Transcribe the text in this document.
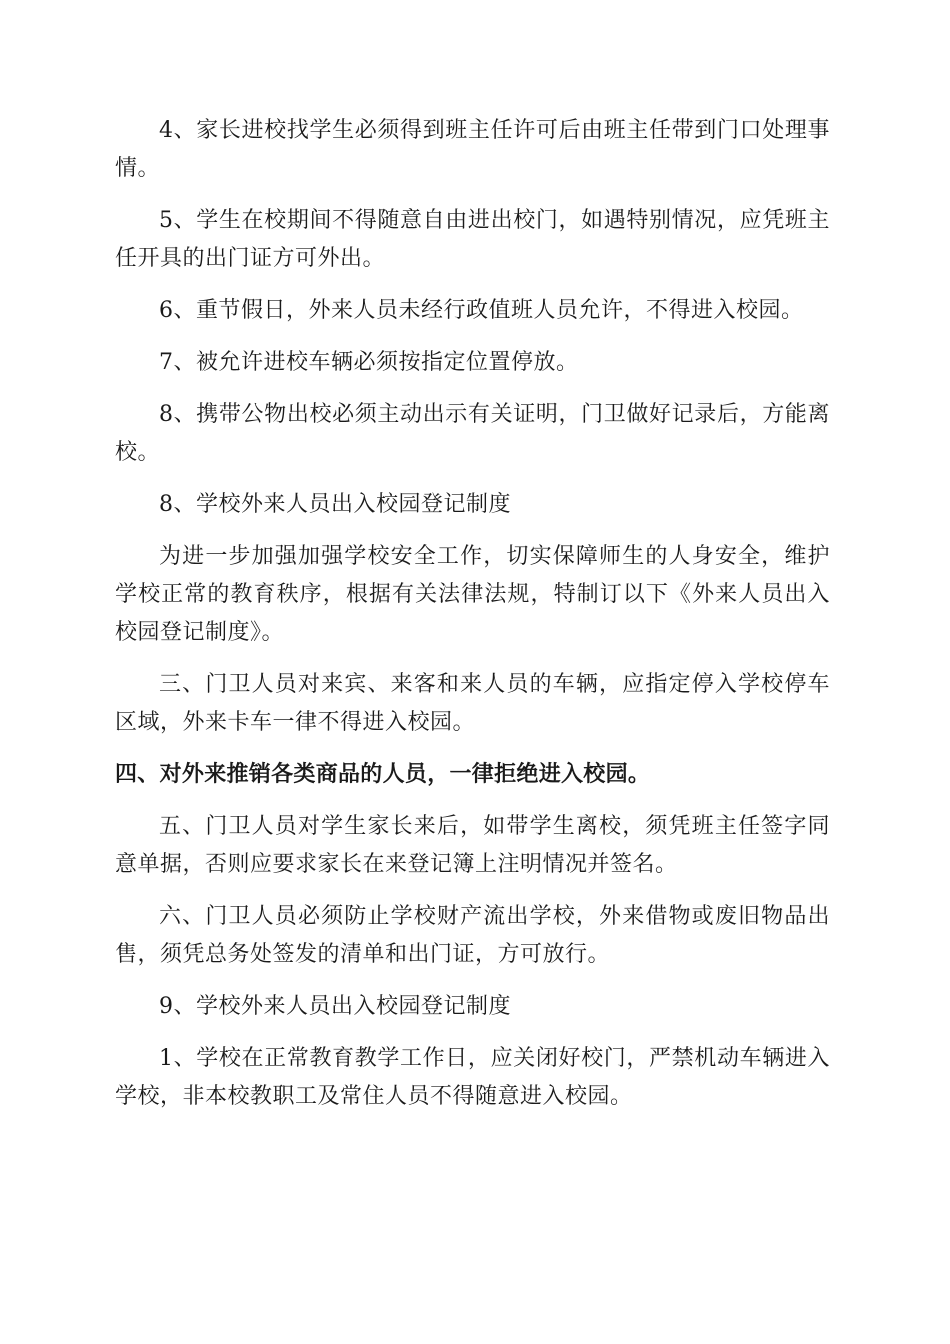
4、家长进校找学生必须得到班主任许可后由班主任带到门口处理事情。

5、学生在校期间不得随意自由进出校门，如遇特别情况，应凭班主任开具的出门证方可外出。

6、重节假日，外来人员未经行政值班人员允许，不得进入校园。

7、被允许进校车辆必须按指定位置停放。

8、携带公物出校必须主动出示有关证明，门卫做好记录后，方能离校。

8、学校外来人员出入校园登记制度

为进一步加强加强学校安全工作，切实保障师生的人身安全，维护学校正常的教育秩序，根据有关法律法规，特制订以下《外来人员出入校园登记制度》。

三、门卫人员对来宾、来客和来人员的车辆，应指定停入学校停车区域，外来卡车一律不得进入校园。

四、对外来推销各类商品的人员，一律拒绝进入校园。

五、门卫人员对学生家长来后，如带学生离校，须凭班主任签字同意单据，否则应要求家长在来登记簿上注明情况并签名。

六、门卫人员必须防止学校财产流出学校，外来借物或废旧物品出售，须凭总务处签发的清单和出门证，方可放行。

9、学校外来人员出入校园登记制度

1、学校在正常教育教学工作日，应关闭好校门，严禁机动车辆进入学校，非本校教职工及常住人员不得随意进入校园。
